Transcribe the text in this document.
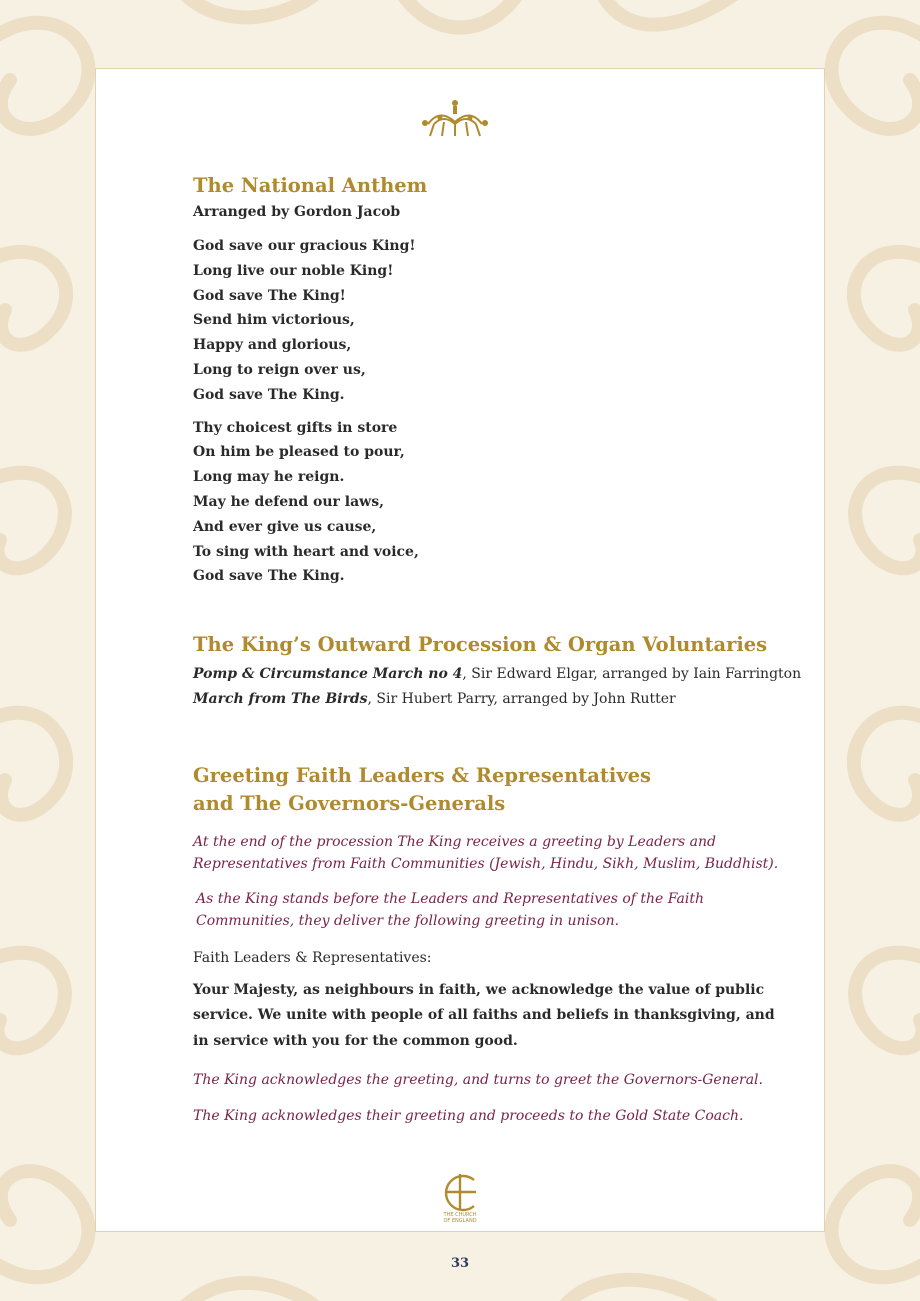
The National Anthem
Arranged by Gordon Jacob
God save our gracious King!
Long live our noble King!
God save The King!
Send him victorious,
Happy and glorious,
Long to reign over us,
God save The King.
Thy choicest gifts in store
On him be pleased to pour,
Long may he reign.
May he defend our laws,
And ever give us cause,
To sing with heart and voice,
God save The King.
The King’s Outward Procession & Organ Voluntaries
Pomp & Circumstance March no 4, Sir Edward Elgar, arranged by Iain Farrington
March from The Birds, Sir Hubert Parry, arranged by John Rutter
Greeting Faith Leaders & Representatives
and The Governors-Generals
At the end of the procession The King receives a greeting by Leaders and
Representatives from Faith Communities (Jewish, Hindu, Sikh, Muslim, Buddhist).
As the King stands before the Leaders and Representatives of the Faith
Communities, they deliver the following greeting in unison.
Faith Leaders & Representatives:
Your Majesty, as neighbours in faith, we acknowledge the value of public
service. We unite with people of all faiths and beliefs in thanksgiving, and
in service with you for the common good.
The King acknowledges the greeting, and turns to greet the Governors-General.
The King acknowledges their greeting and proceeds to the Gold State Coach.
THE CHURCH
OF ENGLAND
33
